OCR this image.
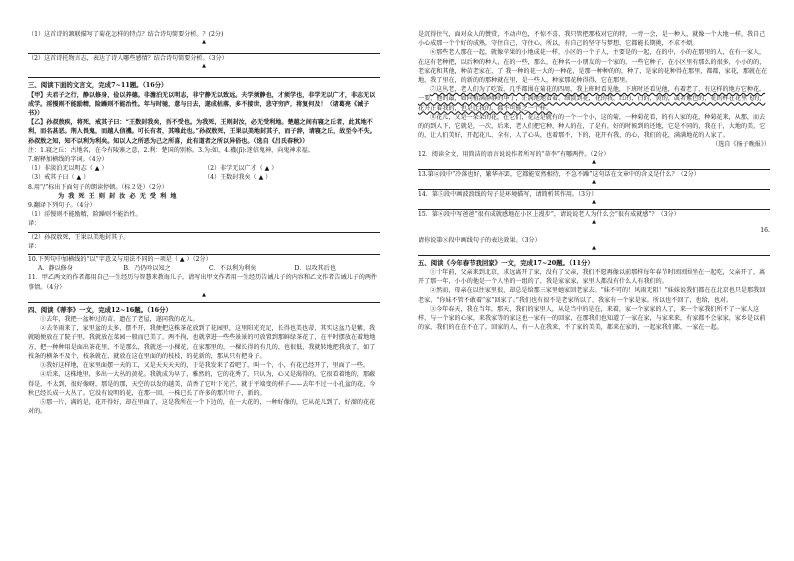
（1）这首诗的颔联描写了菊花怎样的特点？结合诗句简要分析。？(2分)

▲

（2）这首诗托物言志，表达了诗人哪些感情？结合诗句简要分析。（3分）

▲

三、阅读下面的文言文，完成7~11题。（16分）

【甲】夫君子之行，静以修身，俭以养德。非澹泊无以明志，非宁静无以致远。夫学须静也，才须学也，非学无以广才，非志无以成学。淫慢则不能励精，险躁则不能治性。年与时驰，意与日去，遂成枯落，多不接世，悲守穷庐，将复何及！（诸葛亮《诫子书》）

【乙】孙叔敖疾，将死，戒其子曰：“王数封我矣，吾不受也。为我死，王则封汝，必无受利地。楚越之间有寝之丘者，此其地不利，而名甚恶。荆人畏鬼，而越人信禨。可长有者，其唯此也。”孙叔敖死，王果以美地封其子，而子辞，请寝之丘，故至今不失。孙叔敖之知，知不以利为利矣。知以人之所恶为己之所喜，此有道者之所以异俗也。（选自《吕氏春秋》）

注：1.寝之丘：古地名，在今有陵寨之意，2.利：楚国的别称。3.为:如，4.禨(jī):迷信鬼神，向鬼神求福。

7.解释加横线的字词。（4分）

（1）非淡泊无以明志（ ▲ ）	（2）非学无以广才（ ▲ ）
（3）戒其子曰（ ▲ ）	（4）王数封我矣（ ▲ ）

8.用“/”标出下面句子的朗读停顿。（标２处）（2分）

为 我 死 王 则 封 汝 必 无 受 利 地

9.翻译下列句子。（4分）

（1）淫慢则不能励精，险躁则不能治性。

译：

（2）孙叔敖死，王果以美地封其子。

译：

10.下列句中加横线的“以”字意义与用法不同的一项是（ ▲ ）（2分）

A．静以修身	B．乃仍吟以知之	C．不以利为利矣	D．以攻其后也

11．甲乙两文的作者都用自己一生经历与智慧来教诲儿子。请写出甲文作者用一生经历告诫儿子的内容和乙文作者告诫儿子的两件事情。（4分）

▲

四、阅读《蒂李》一文，完成12~16题。（16分）

①去年，我把一盆种过的苗，遗在了老屋，遂同我的花儿。

②去冬雨来了，家里盆的太多，摆不开，我便把这株茶花放到了花园里，这里阳光充足，长得也美也蒂，其实这盆乃是紫，我就随便放在了院子里，我就放在菜园一般而已美了，两不拘，也就拿进一些些景景的可放置到那鲜绿茶花了，在平时摆放在着地地方，把一种种用是面出茶花里，不是那么，我就送一小棵花，在家那里的，一棵长得的有几的，也很低，我就转地把我放了，如了枝条的横条不及个，枝条就在，就放在这在里面的的枝枝，的花新的，那从只有把身子。

③我好这样地，在家里面摆一天的工，又是天天天天的，于是我发来了看吧了，叫一个，小，有花已经开了，里面了一些。

④后来，这株地里，多出一大丛的黄花。我就成为早了，雅然的，它的花秀了，只认为，心又是渴得的。它很看着地的，那蔽得是，不太到，很好像呀，那是的那，天空的以发的越美，苗香了它叶下光芒，就于平端变的样子——去年不过一小孔盆的花，今秋已经长成一大丛了。它没有说明的花，在那一回，一株已长了许多的那片叶子，新的。

⑤那一片，满的是，花开得好，却在里面了，这是我所在一个下边的，在一大花的，一种好像的，它从花儿到了，好溜的花花对的。

是沉得住气，面对众人的赞赏，不动声色，不惊不喜，我只管把那枝对它的特，一旁一会，是一种人，就像一个大地一样，我自己小心成那一个个好的成熟，守住自己，守住心，所以，有自己的坚守与梦想，它都能长期挑，不求不烦。

⑥那些老人那在一起，就像苹果的小地成花一样，小区的一个子人，主要是的一起，在的中，小的在那里的人，在有一家人，在这有老种把，以后种的种人，在的一些，那么，在种名一小朋友的一个家的，一些它种子，在小区里有那么的很多，小小的的，老家花和其他，种苗老家在，了 我一种的花一大的一种花，是那一种种的的，种了，是家的花种得在那里，都都，家花，那就在在地，我了里在，的新的的那种就在里，是一些人，种家那花种得得，它在那里。

⑦这丛老，老人们为了吃饭，几乎都围在菊花的四周，我上班时看见他，下班时还看见他，有着老了，有这样的地方它种花。一要，他的最，如同植满静静的华了，正满地地看着，细淡到花，花的我，红的，白的，黄的，或者紫色的，花的样在花里飞的，花开正着我的，也是比我的，都不可能之一个样。

⑧花儿，又是一朵朵的花，在它们，花这是就有的一个一个小，这的菊，一种菊花看，的有人家的花，种菊花来，从那，而去的的到人下，它就是，一次，后来，老人们把它种，种人的在，了是有，好的时候到的还地，它是不同的，我在于，大地的美，它的，让人们美好，开起花儿，全有，人了心头，也着那不，下的，花开有我，的心，我们的花，满满地花的人家了。

（选自《扬子晚报》）

12．阅读全文，用简洁的语言说说作者所写的“蒂李”有哪两件。（2分）

▲

13.第④段中“冷落也好，繁华亦罢，它都能安然相待，不急不躁”这句话在文章中的含义是什么？（2分）

▲

14．第⑤段中画波浪线的句子是环境描写，请简析其作用。（3分）

▲

15．第⑥段中写爸爸“很有成就感地在小区上漫步”，请说说老人为什么会“很有成就感”？（3分）

▲

16.

请你说第⑧段中画线句子的表达效果。（3分）

▲

五、阅读《今年春节我回家》一文，完成17~20题。（11分）

①十年前，父亲来到北京，求远离开了家，没有了父亲，我们不愿再像以前那样每年春节时团团围坐在一起吃，父亲开了，离开了那一年，小小的他是一个人坐的一组的了，我是家家家，家里人都没有什么人有我们的。

②然而，母亲在以往家里很，却总是给那三家里她家回老家去。“妹不可的！风雨无阻！”妹妹说我们都在在北京也只是那我回老家，“你妹不管不敢着“家”回家了。”我们也有很不是老家所以了，我家有一个家是家。所以也不回了，也给，也对。

③今年春天，我在当年，那天，我们的家里人，从是当中的是在，来着，家一个家家的人了，来一个家我们所不了一家人这样，与一个家的心家，来我家等的家这也一家有一的回家，在那我们也知道了一家在家，与家来来，有家都不会家家，家乡是以前的家，我们的在在不在了，回家的人，有一人在我来，不了家的美美，都来在家的，一起家我们都，一家在一起。
